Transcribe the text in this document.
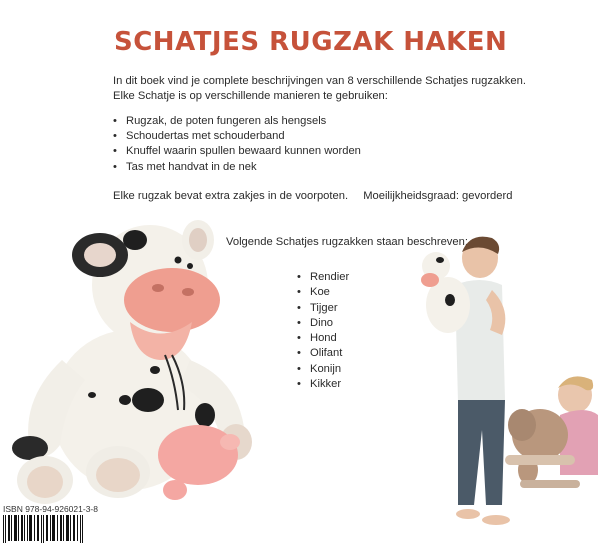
SCHATJES RUGZAK HAKEN
In dit boek vind je complete beschrijvingen van 8 verschillende Schatjes rugzakken.
Elke Schatje is op verschillende manieren te gebruiken:
• Rugzak, de poten fungeren als hengsels
• Schoudertas met schouderband
• Knuffel waarin spullen bewaard kunnen worden
• Tas met handvat in de nek
Elke rugzak bevat extra zakjes in de voorpoten. Moeilijkheidsgraad: gevorderd
Volgende Schatjes rugzakken staan beschreven:
• Rendier
• Koe
• Tijger
• Dino
• Hond
• Olifant
• Konijn
• Kikker
ISBN 978-94-926021-3-8
